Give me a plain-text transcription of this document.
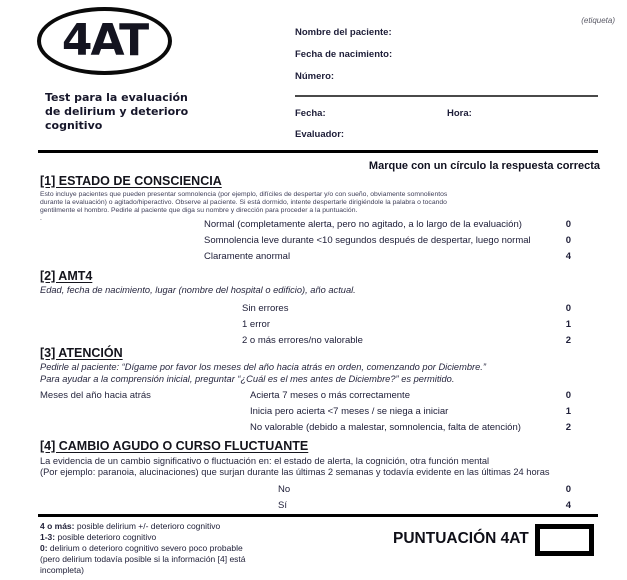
4AT
Test para la evaluación
de delirium y deterioro
cognitivo
(etiqueta)
Nombre del paciente:
Fecha de nacimiento:
Número:
Fecha:	Hora:
Evaluador:
Marque con un círculo la respuesta correcta
[1] ESTADO DE CONSCIENCIA
Esto incluye pacientes que pueden presentar somnolencia (por ejemplo, difíciles de despertar y/o con sueño, obviamente somnolientos
durante la evaluación) o agitado/hiperactivo. Observe al paciente. Si está dormido, intente despertarle dirigiéndole la palabra o tocando
gentilmente el hombro. Pedirle al paciente que diga su nombre y dirección para proceder a la puntuación.
.
Normal (completamente alerta, pero no agitado, a lo largo de la evaluación)	0
Somnolencia leve durante <10 segundos después de despertar, luego normal	0
Claramente anormal	4
[2] AMT4
Edad, fecha de nacimiento, lugar (nombre del hospital o edificio), año actual.
Sin errores	0
1 error	1
2 o más errores/no valorable	2
[3] ATENCIÓN
Pedirle al paciente: “Dígame por favor los meses del año hacia atrás en orden, comenzando por Diciembre.”
Para ayudar a la comprensión inicial, preguntar “¿Cuál es el mes antes de Diciembre?” es permitido.
Meses del año hacia atrás	Acierta 7 meses o más correctamente	0
Inicia pero acierta <7 meses / se niega a iniciar	1
No valorable (debido a malestar, somnolencia, falta de atención)	2
[4] CAMBIO AGUDO O CURSO FLUCTUANTE
La evidencia de un cambio significativo o fluctuación en: el estado de alerta, la cognición, otra función mental
(Por ejemplo: paranoia, alucinaciones) que surjan durante las últimas 2 semanas y todavía evidente en las últimas 24 horas
No	0
Sí	4
4 o más: posible delirium +/- deterioro cognitivo
1-3: posible deterioro cognitivo
0: delirium o deterioro cognitivo severo poco probable
(pero delirium todavía posible si la información [4] está
incompleta)
PUNTUACIÓN 4AT
